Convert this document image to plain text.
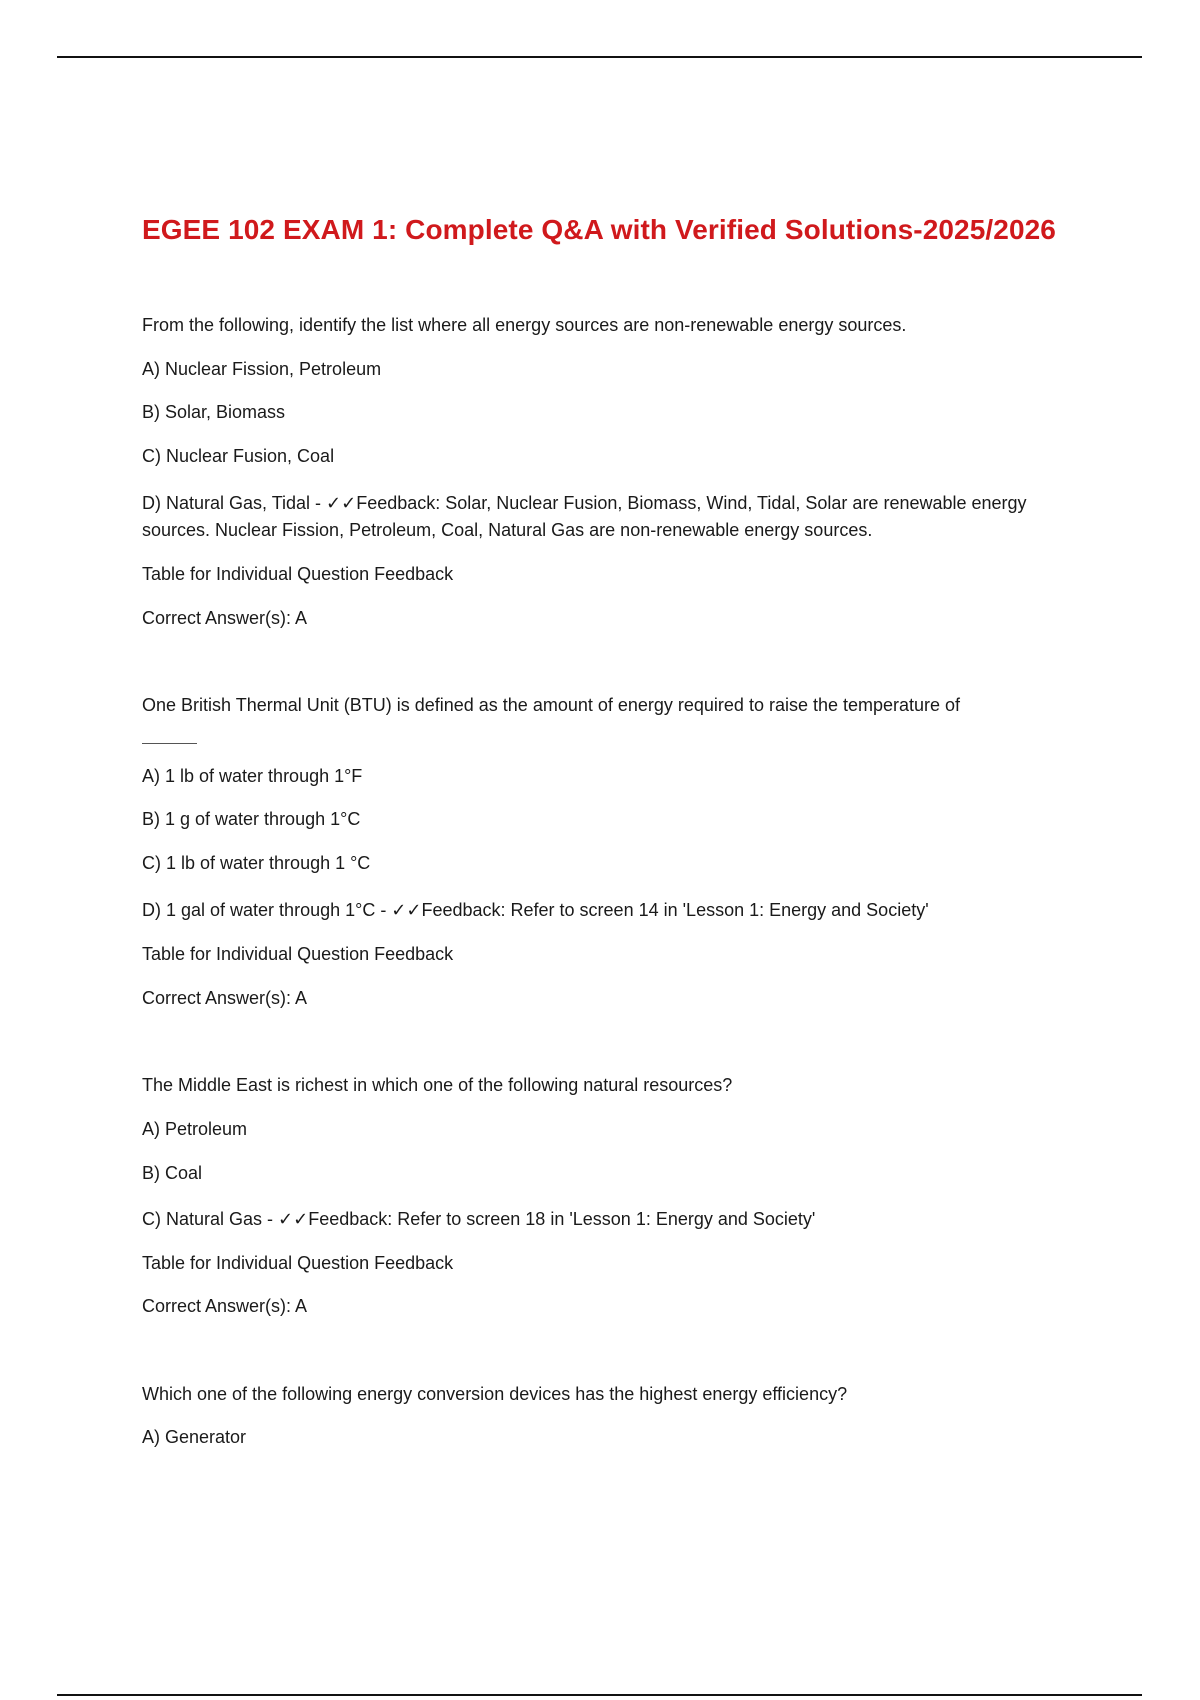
EGEE 102 EXAM 1: Complete Q&A with Verified Solutions-2025/2026

From the following, identify the list where all energy sources are non-renewable energy sources.

A) Nuclear Fission, Petroleum

B) Solar, Biomass

C) Nuclear Fusion, Coal

D) Natural Gas, Tidal - ✓✓Feedback: Solar, Nuclear Fusion, Biomass, Wind, Tidal, Solar are renewable energy sources. Nuclear Fission, Petroleum, Coal, Natural Gas are non-renewable energy sources.

Table for Individual Question Feedback

Correct Answer(s): A

One British Thermal Unit (BTU) is defined as the amount of energy required to raise the temperature of

A) 1 lb of water through 1°F

B) 1 g of water through 1°C

C) 1 lb of water through 1 °C

D) 1 gal of water through 1°C - ✓✓Feedback: Refer to screen 14 in 'Lesson 1: Energy and Society'

Table for Individual Question Feedback

Correct Answer(s): A

The Middle East is richest in which one of the following natural resources?

A) Petroleum

B) Coal

C) Natural Gas - ✓✓Feedback: Refer to screen 18 in 'Lesson 1: Energy and Society'

Table for Individual Question Feedback

Correct Answer(s): A

Which one of the following energy conversion devices has the highest energy efficiency?

A) Generator
